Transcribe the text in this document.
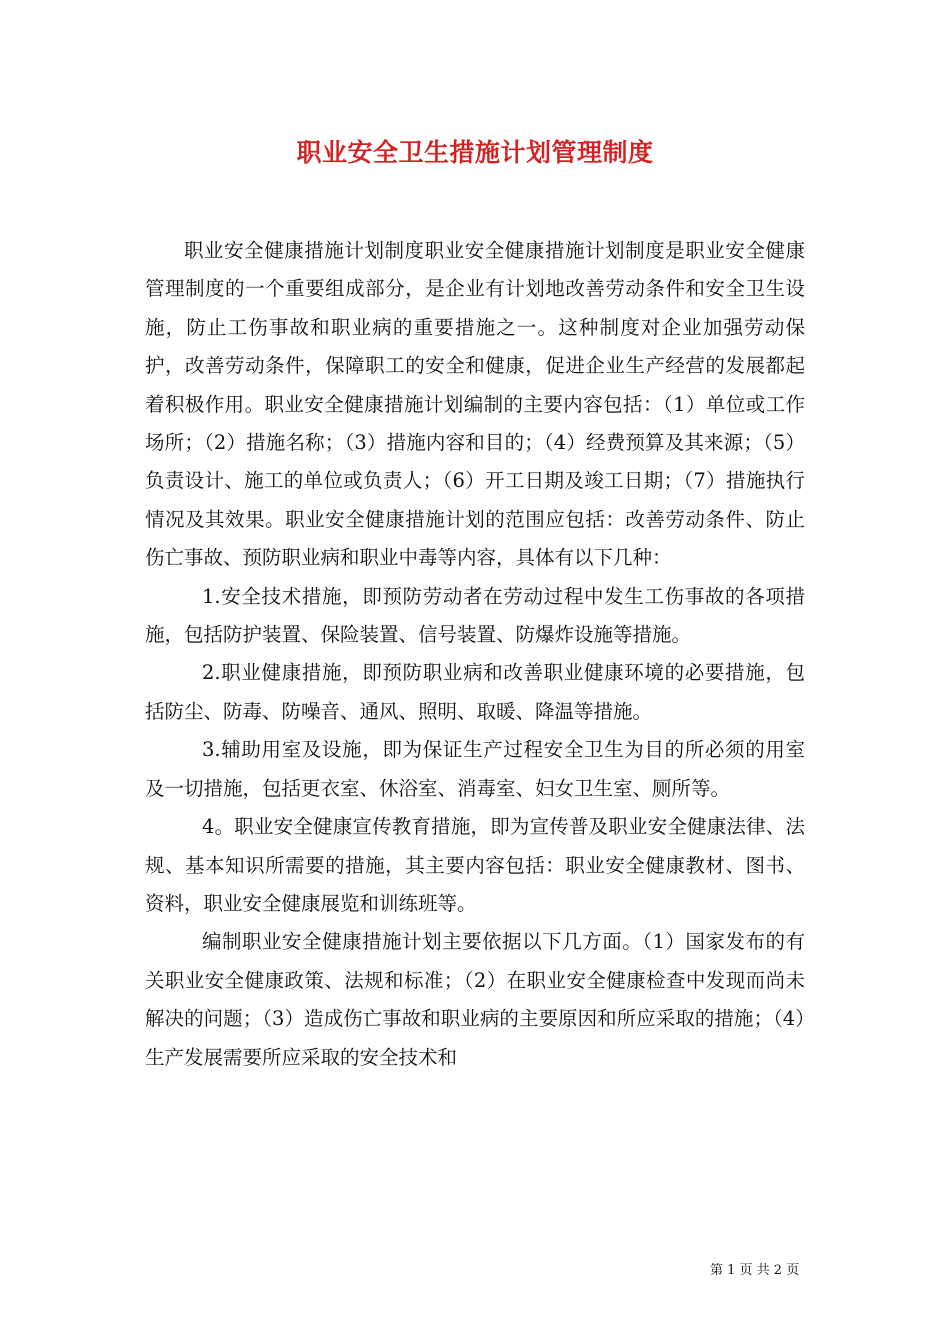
职业安全卫生措施计划管理制度

职业安全健康措施计划制度职业安全健康措施计划制度是职业安全健康管理制度的一个重要组成部分，是企业有计划地改善劳动条件和安全卫生设施，防止工伤事故和职业病的重要措施之一。这种制度对企业加强劳动保护，改善劳动条件，保障职工的安全和健康，促进企业生产经营的发展都起着积极作用。职业安全健康措施计划编制的主要内容包括：（1）单位或工作场所；（2）措施名称；（3）措施内容和目的；（4）经费预算及其来源；（5）负责设计、施工的单位或负责人；（6）开工日期及竣工日期；（7）措施执行情况及其效果。职业安全健康措施计划的范围应包括：改善劳动条件、防止伤亡事故、预防职业病和职业中毒等内容，具体有以下几种：

1.安全技术措施，即预防劳动者在劳动过程中发生工伤事故的各项措施，包括防护装置、保险装置、信号装置、防爆炸设施等措施。

2.职业健康措施，即预防职业病和改善职业健康环境的必要措施，包括防尘、防毒、防噪音、通风、照明、取暖、降温等措施。

3.辅助用室及设施，即为保证生产过程安全卫生为目的所必须的用室及一切措施，包括更衣室、休浴室、消毒室、妇女卫生室、厕所等。

4。职业安全健康宣传教育措施，即为宣传普及职业安全健康法律、法规、基本知识所需要的措施，其主要内容包括：职业安全健康教材、图书、资料，职业安全健康展览和训练班等。

编制职业安全健康措施计划主要依据以下几方面。（1）国家发布的有关职业安全健康政策、法规和标准；（2）在职业安全健康检查中发现而尚未解决的问题；（3）造成伤亡事故和职业病的主要原因和所应采取的措施；（4）生产发展需要所应采取的安全技术和

第 1 页 共 2 页
